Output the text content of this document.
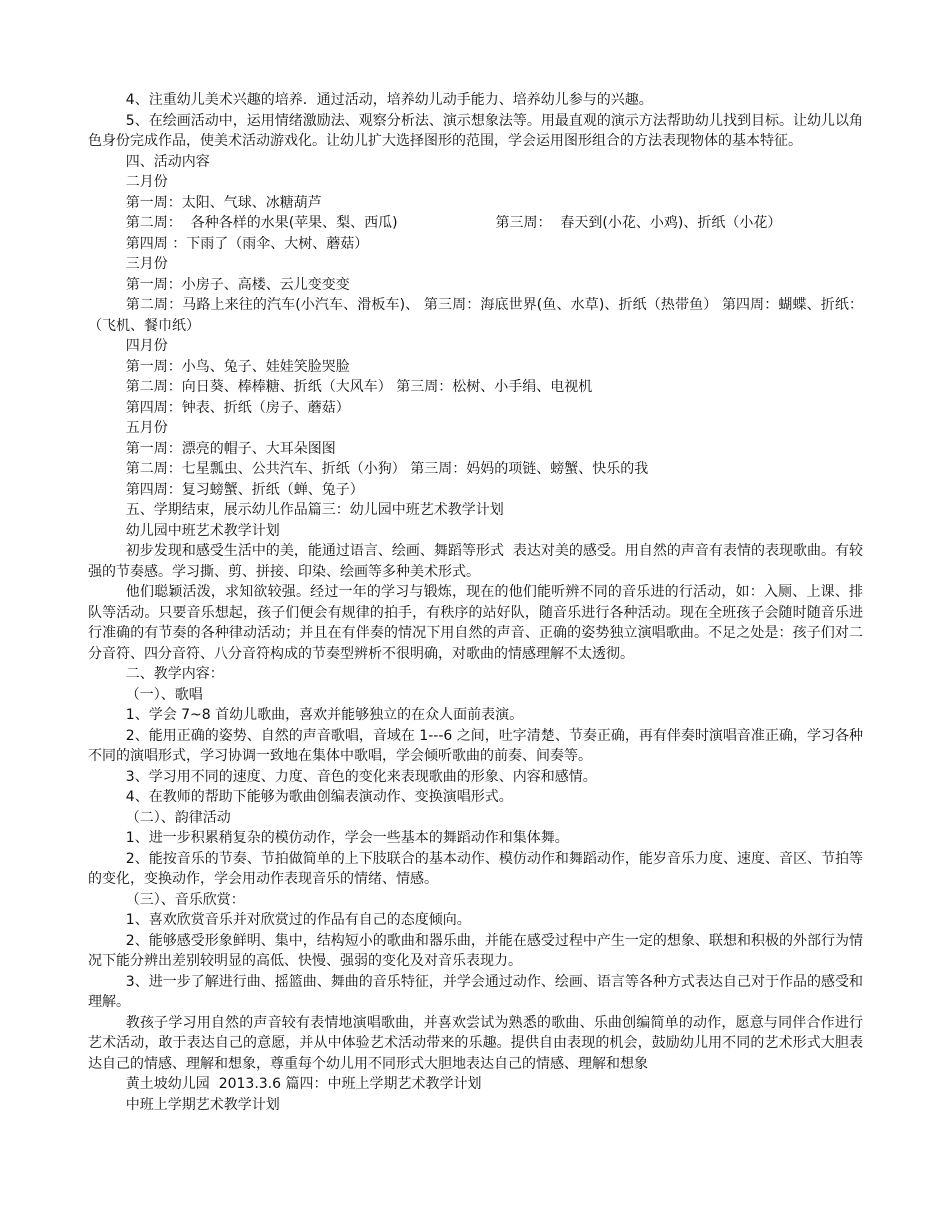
4、注重幼儿美术兴趣的培养．通过活动，培养幼儿动手能力、培养幼儿参与的兴趣。

5、在绘画活动中，运用情绪激励法、观察分析法、演示想象法等。用最直观的演示方法帮助幼儿找到目标。让幼儿以角色身份完成作品，使美术活动游戏化。让幼儿扩大选择图形的范围，学会运用图形组合的方法表现物体的基本特征。

四、活动内容

二月份

第一周：太阳、气球、冰糖葫芦

第二周：  各种各样的水果(苹果、梨、西瓜)                      第三周：  春天到(小花、小鸡)、折纸（小花）

第四周 ：下雨了（雨伞、大树、蘑菇）

三月份

第一周：小房子、高楼、云儿变变变

第二周：马路上来往的汽车(小汽车、滑板车)、 第三周：海底世界(鱼、水草)、折纸（热带鱼） 第四周：蝴蝶、折纸：（飞机、餐巾纸）

四月份

第一周：小鸟、兔子、娃娃笑脸哭脸

第二周：向日葵、棒棒糖、折纸（大风车） 第三周：松树、小手绢、电视机

第四周：钟表、折纸（房子、蘑菇）

五月份

第一周：漂亮的帽子、大耳朵图图

第二周：七星瓢虫、公共汽车、折纸（小狗） 第三周：妈妈的项链、螃蟹、快乐的我

第四周：复习螃蟹、折纸（蝉、兔子）

五、学期结束，展示幼儿作品篇三：幼儿园中班艺术教学计划

幼儿园中班艺术教学计划

初步发现和感受生活中的美，能通过语言、绘画、舞蹈等形式  表达对美的感受。用自然的声音有表情的表现歌曲。有较强的节奏感。学习撕、剪、拼接、印染、绘画等多种美术形式。

他们聪颖活泼，求知欲较强。经过一年的学习与锻炼，现在的他们能听辨不同的音乐进的行活动，如：入厕、上课、排队等活动。只要音乐想起，孩子们便会有规律的拍手，有秩序的站好队，随音乐进行各种活动。现在全班孩子会随时随音乐进行准确的有节奏的各种律动活动；并且在有伴奏的情况下用自然的声音、正确的姿势独立演唱歌曲。不足之处是：孩子们对二分音符、四分音符、八分音符构成的节奏型辨析不很明确，对歌曲的情感理解不太透彻。

二、教学内容：

（一）、歌唱

1、学会 7~8 首幼儿歌曲，喜欢并能够独立的在众人面前表演。

2、能用正确的姿势、自然的声音歌唱，音域在 1---6 之间，吐字清楚、节奏正确，再有伴奏时演唱音准正确，学习各种不同的演唱形式，学习协调一致地在集体中歌唱，学会倾听歌曲的前奏、间奏等。

3、学习用不同的速度、力度、音色的变化来表现歌曲的形象、内容和感情。

4、在教师的帮助下能够为歌曲创编表演动作、变换演唱形式。

（二）、韵律活动

1、进一步积累稍复杂的模仿动作，学会一些基本的舞蹈动作和集体舞。

2、能按音乐的节奏、节拍做简单的上下肢联合的基本动作、模仿动作和舞蹈动作，能岁音乐力度、速度、音区、节拍等的变化，变换动作，学会用动作表现音乐的情绪、情感。

（三）、音乐欣赏：

1、喜欢欣赏音乐并对欣赏过的作品有自己的态度倾向。

2、能够感受形象鲜明、集中，结构短小的歌曲和器乐曲，并能在感受过程中产生一定的想象、联想和积极的外部行为情况下能分辨出差别较明显的高低、快慢、强弱的变化及对音乐表现力。

3、进一步了解进行曲、摇篮曲、舞曲的音乐特征，并学会通过动作、绘画、语言等各种方式表达自己对于作品的感受和理解。

教孩子学习用自然的声音较有表情地演唱歌曲，并喜欢尝试为熟悉的歌曲、乐曲创编简单的动作，愿意与同伴合作进行艺术活动，敢于表达自己的意愿，并从中体验艺术活动带来的乐趣。提供自由表现的机会，鼓励幼儿用不同的艺术形式大胆表达自己的情感、理解和想象，尊重每个幼儿用不同形式大胆地表达自己的情感、理解和想象

黄土坡幼儿园  2013.3.6 篇四：中班上学期艺术教学计划

中班上学期艺术教学计划
